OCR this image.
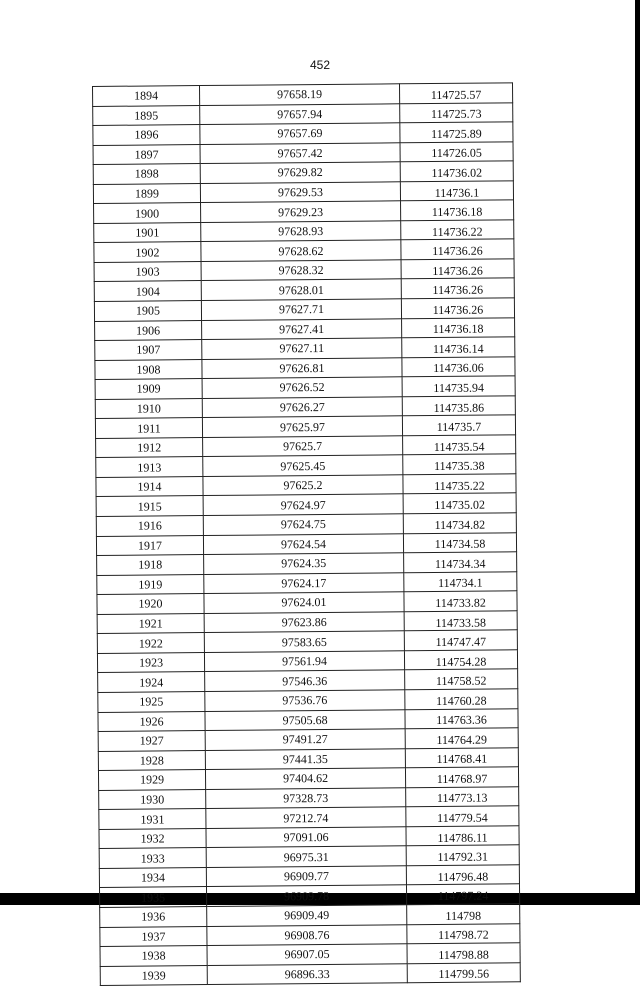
452
1894	97658.19	114725.57
1895	97657.94	114725.73
1896	97657.69	114725.89
1897	97657.42	114726.05
1898	97629.82	114736.02
1899	97629.53	114736.1
1900	97629.23	114736.18
1901	97628.93	114736.22
1902	97628.62	114736.26
1903	97628.32	114736.26
1904	97628.01	114736.26
1905	97627.71	114736.26
1906	97627.41	114736.18
1907	97627.11	114736.14
1908	97626.81	114736.06
1909	97626.52	114735.94
1910	97626.27	114735.86
1911	97625.97	114735.7
1912	97625.7	114735.54
1913	97625.45	114735.38
1914	97625.2	114735.22
1915	97624.97	114735.02
1916	97624.75	114734.82
1917	97624.54	114734.58
1918	97624.35	114734.34
1919	97624.17	114734.1
1920	97624.01	114733.82
1921	97623.86	114733.58
1922	97583.65	114747.47
1923	97561.94	114754.28
1924	97546.36	114758.52
1925	97536.76	114760.28
1926	97505.68	114763.36
1927	97491.27	114764.29
1928	97441.35	114768.41
1929	97404.62	114768.97
1930	97328.73	114773.13
1931	97212.74	114779.54
1932	97091.06	114786.11
1933	96975.31	114792.31
1934	96909.77	114796.48
1935	96909.78	114797.24
1936	96909.49	114798
1937	96908.76	114798.72
1938	96907.05	114798.88
1939	96896.33	114799.56
